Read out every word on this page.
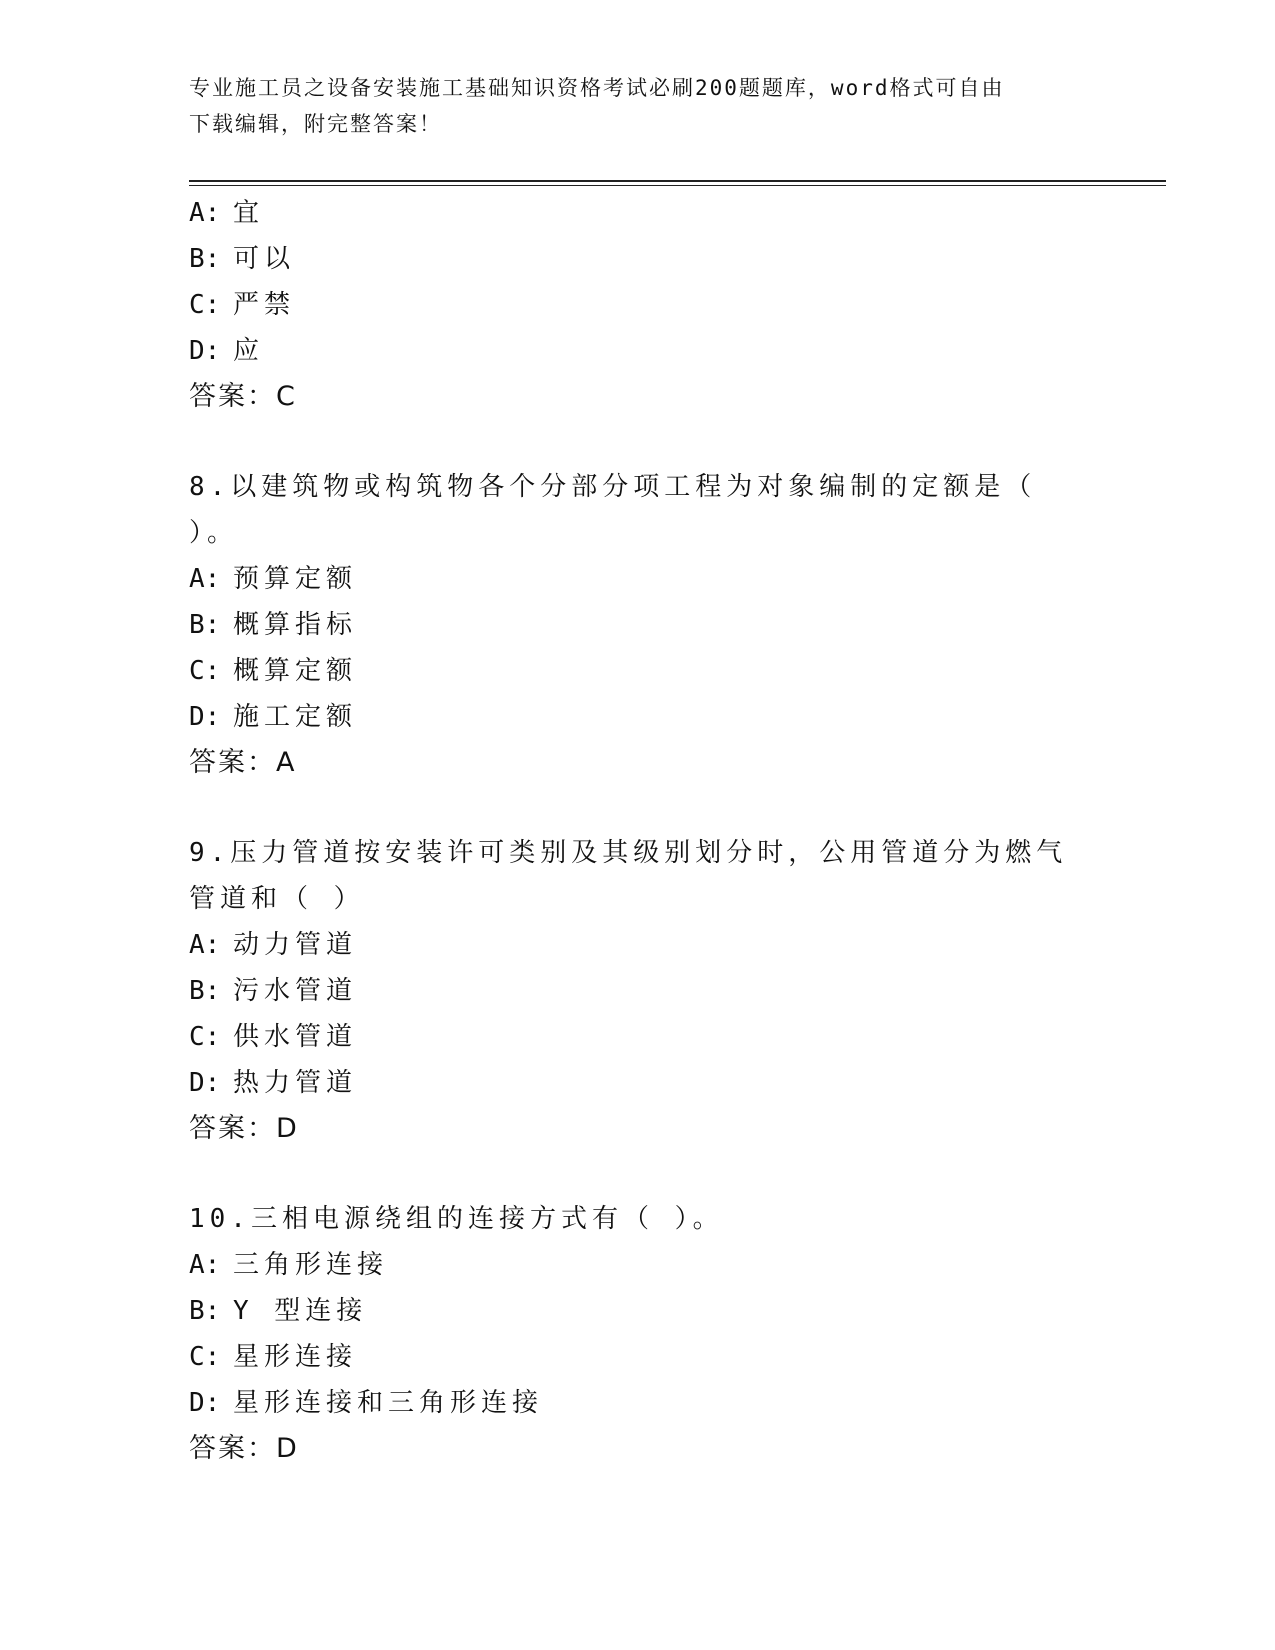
专业施工员之设备安装施工基础知识资格考试必刷200题题库，word格式可自由
下载编辑，附完整答案！
A: 宜
B: 可以
C: 严禁
D: 应
答案：C
8.以建筑物或构筑物各个分部分项工程为对象编制的定额是（ ）。
A: 预算定额
B: 概算指标
C: 概算定额
D: 施工定额
答案：A
9.压力管道按安装许可类别及其级别划分时，公用管道分为燃气管道和（ ）
A: 动力管道
B: 污水管道
C: 供水管道
D: 热力管道
答案：D
10.三相电源绕组的连接方式有（ ）。
A: 三角形连接
B: Y 型连接
C: 星形连接
D: 星形连接和三角形连接
答案：D
